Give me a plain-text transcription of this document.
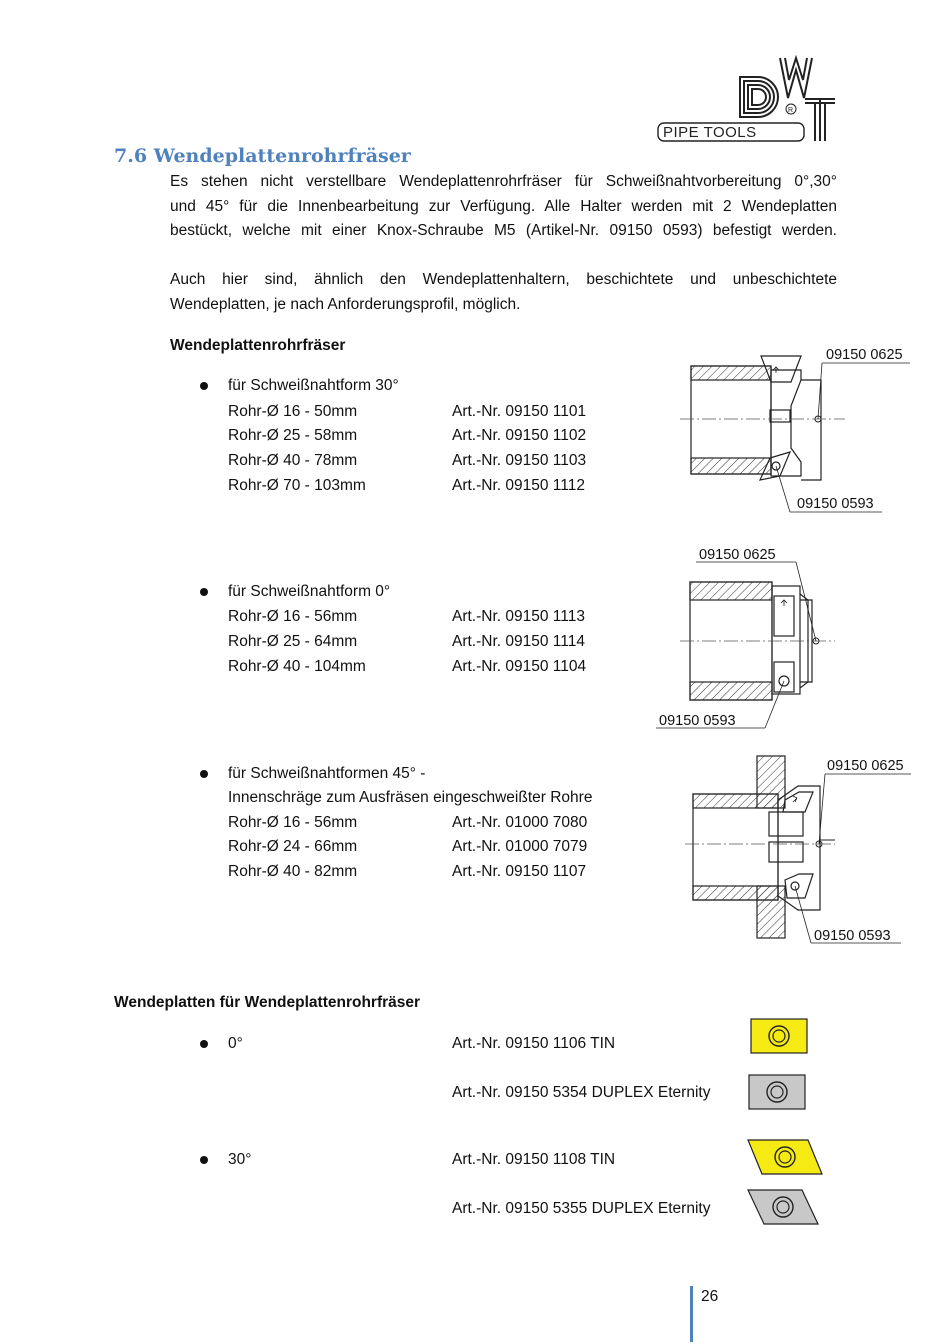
R
PIPE TOOLS
7.6 Wendeplattenrohrfräser
Es stehen nicht verstellbare Wendeplattenrohrfräser für Schweißnahtvorbereitung 0°,30°
und 45° für die Innenbearbeitung zur Verfügung. Alle Halter werden mit 2 Wendeplatten
bestückt, welche mit einer Knox-Schraube M5 (Artikel-Nr. 09150 0593) befestigt werden.
Auch hier sind, ähnlich den Wendeplattenhaltern, beschichtete und unbeschichtete
Wendeplatten, je nach Anforderungsprofil, möglich.
Wendeplattenrohrfräser
für Schweißnahtform 30°
Rohr-Ø 16 - 50mm	Art.-Nr. 09150 1101
Rohr-Ø 25 - 58mm	Art.-Nr. 09150 1102
Rohr-Ø 40 - 78mm	Art.-Nr. 09150 1103
Rohr-Ø 70 - 103mm	Art.-Nr. 09150 1112
09150 0625
09150 0593
für Schweißnahtform 0°
Rohr-Ø 16 - 56mm	Art.-Nr. 09150 1113
Rohr-Ø 25 - 64mm	Art.-Nr. 09150 1114
Rohr-Ø 40 - 104mm	Art.-Nr. 09150 1104
09150 0625
09150 0593
für Schweißnahtformen 45° -
Innenschräge zum Ausfräsen eingeschweißter Rohre
Rohr-Ø 16 - 56mm	Art.-Nr. 01000 7080
Rohr-Ø 24 - 66mm	Art.-Nr. 01000 7079
Rohr-Ø 40 - 82mm	Art.-Nr. 09150 1107
09150 0625
09150 0593
Wendeplatten für Wendeplattenrohrfräser
0°	Art.-Nr. 09150 1106 TIN
Art.-Nr. 09150 5354 DUPLEX Eternity
30°	Art.-Nr. 09150 1108 TIN
Art.-Nr. 09150 5355 DUPLEX Eternity
26
